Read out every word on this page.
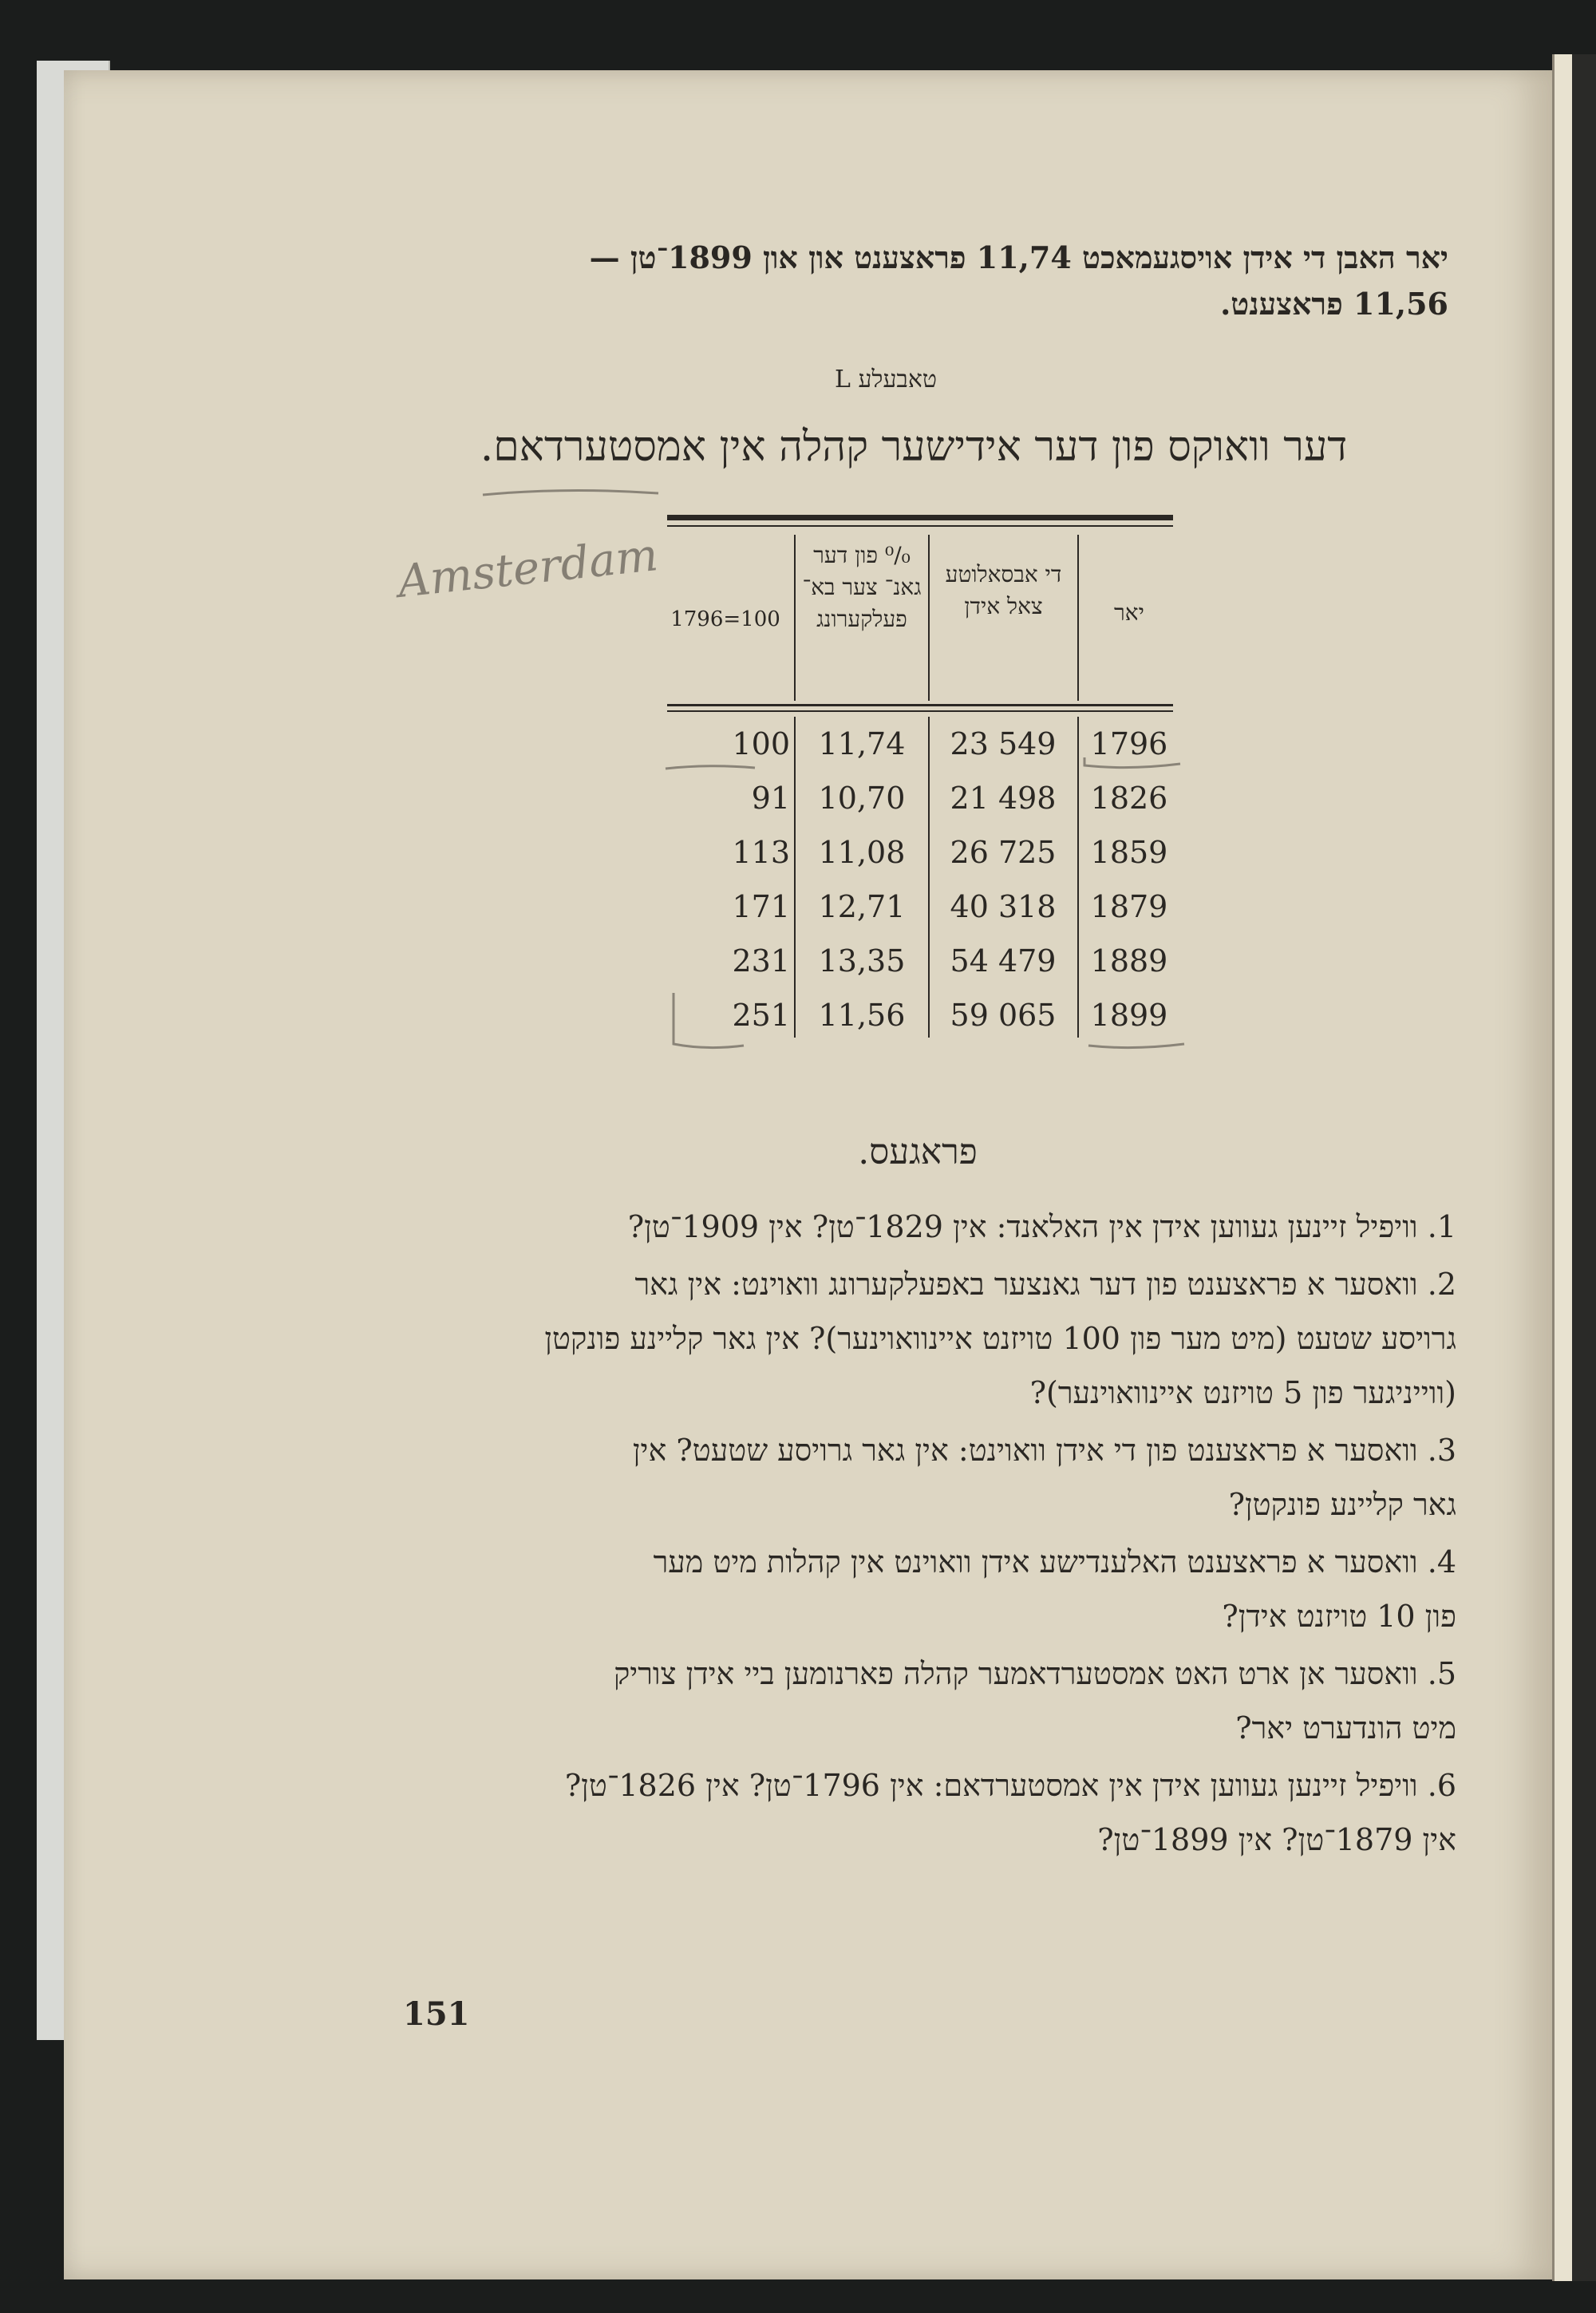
יאר האבן די אידן אויסגעמאכט 11,74 פראצענט און און 1899־טן —
11,56 פראצענט.
טאבעלע L
דער וואוקס פון דער אידישער קהלה אין אמסטערדאם.
Amsterdam
יאר
די אבסאלוטע צאל אידן
⁰/₀ פון דער גאנ־ צער בא־ פעלקערונג
1796=100
1796
23 549
11,74
100
1826
21 498
10,70
91
1859
26 725
11,08
113
1879
40 318
12,71
171
1889
54 479
13,35
231
1899
59 065
11,56
251
פראגעס.
1. וויפיל זיינען געווען אידן אין האלאנד: אין 1829־טן? אין 1909־טן?
2. וואסער א פראצענט פון דער גאנצער באפעלקערונג וואוינט: אין גאר
גרויסע שטעט (מיט מער פון 100 טויזנט איינוואוינער)? אין גאר קליינע פונקטן
(ווייניגער פון 5 טויזנט איינוואוינער)?
3. וואסער א פראצענט פון די אידן וואוינט: אין גאר גרויסע שטעט? אין
גאר קליינע פונקטן?
4. וואסער א פראצענט האלענדישע אידן וואוינט אין קהלות מיט מער
פון 10 טויזנט אידן?
5. וואסער אן ארט האט אמסטערדאמער קהלה פארנומען ביי אידן צוריק
מיט הונדערט יאר?
6. וויפיל זיינען געווען אידן אין אמסטערדאם: אין 1796־טן? אין 1826־טן?
אין 1879־טן? אין 1899־טן?
151
